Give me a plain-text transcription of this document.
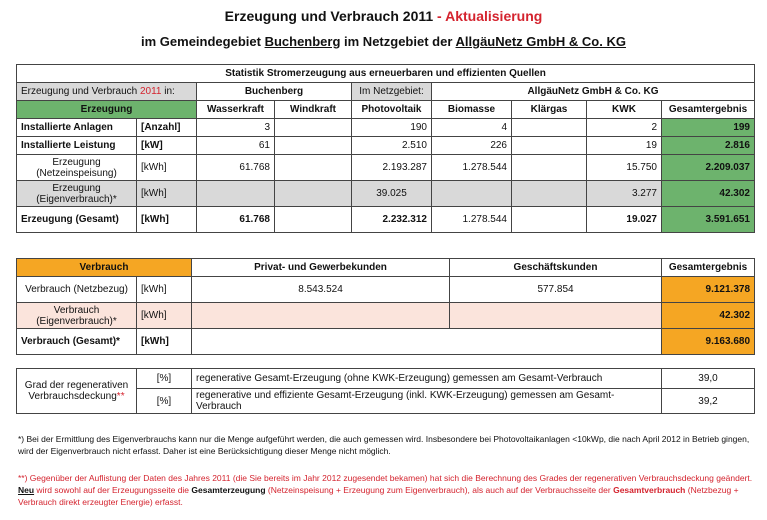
Erzeugung und Verbrauch 2011 - Aktualisierung
im Gemeindegebiet Buchenberg im Netzgebiet der AllgäuNetz GmbH & Co. KG
Statistik Stromerzeugung aus erneuerbaren und effizienten Quellen								
Erzeugung und Verbrauch 2011 in:		Buchenberg		Im Netzgebiet:	AllgäuNetz GmbH & Co. KG			
Erzeugung		Wasserkraft	Windkraft	Photovoltaik	Biomasse	Klärgas	KWK	Gesamtergebnis
Installierte Anlagen	[Anzahl]	3		190	4		2	199
Installierte Leistung	[kW]	61		2.510	226		19	2.816
Erzeugung (Netzeinspeisung)	[kWh]	61.768		2.193.287	1.278.544		15.750	2.209.037
Erzeugung (Eigenverbrauch)*	[kWh]			39.025			3.277	42.302
Erzeugung (Gesamt)	[kWh]	61.768		2.232.312	1.278.544		19.027	3.591.651
Verbrauch		Privat- und Gewerbekunden	Geschäftskunden	Gesamtergebnis
Verbrauch (Netzbezug)	[kWh]	8.543.524	577.854	9.121.378
Verbrauch (Eigenverbrauch)*	[kWh]			42.302
Verbrauch (Gesamt)*	[kWh]			9.163.680
Grad der regenerativen Verbrauchsdeckung**	[%]	regenerative Gesamt-Erzeugung (ohne KWK-Erzeugung) gemessen am Gesamt-Verbrauch	39,0
	[%]	regenerative und effiziente Gesamt-Erzeugung (inkl. KWK-Erzeugung) gemessen am Gesamt-Verbrauch	39,2
*) Bei der Ermittlung des Eigenverbrauchs kann nur die Menge aufgeführt werden, die auch gemessen wird. Insbesondere bei Photovoltaikanlagen <10kWp, die nach April 2012 in Betrieb gingen, wird der Eigenverbrauch nicht erfasst. Daher ist eine Berücksichtigung dieser Menge nicht möglich.
**) Gegenüber der Auflistung der Daten des Jahres 2011 (die Sie bereits im Jahr 2012 zugesendet bekamen) hat sich die Berechnung des Grades der regenerativen Verbrauchsdeckung geändert. Neu wird sowohl auf der Erzeugungsseite die Gesamterzeugung (Netzeinspeisung + Erzeugung zum Eigenverbrauch), als auch auf der Verbrauchsseite der Gesamtverbrauch (Netzbezug + Verbrauch direkt erzeugter Energie) erfasst.
